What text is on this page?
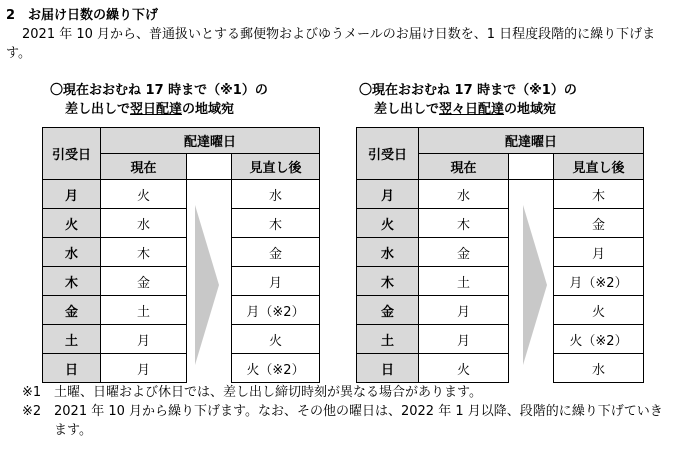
2　お届け日数の繰り下げ
2021 年 10 月から、普通扱いとする郵便物およびゆうメールのお届け日数を、1 日程度段階的に繰り下げます。
〇現在おおむね 17 時まで（※1）の
差し出しで翌日配達の地域宛
〇現在おおむね 17 時まで（※1）の
差し出しで翌々日配達の地域宛
引受日	配達曜日		
	現在		見直し後
月	火		水
火	水		木
水	木		金
木	金		月
金	土		月（※2）
土	月		火
日	月		火（※2）
引受日	配達曜日		
	現在		見直し後
月	水		木
火	木		金
水	金		月
木	土		月（※2）
金	月		火
土	月		火（※2）
日	火		水
※1 土曜、日曜および休日では、差し出し締切時刻が異なる場合があります。
※2 2021 年 10 月から繰り下げます。なお、その他の曜日は、2022 年 1 月以降、段階的に繰り下げていきます。
